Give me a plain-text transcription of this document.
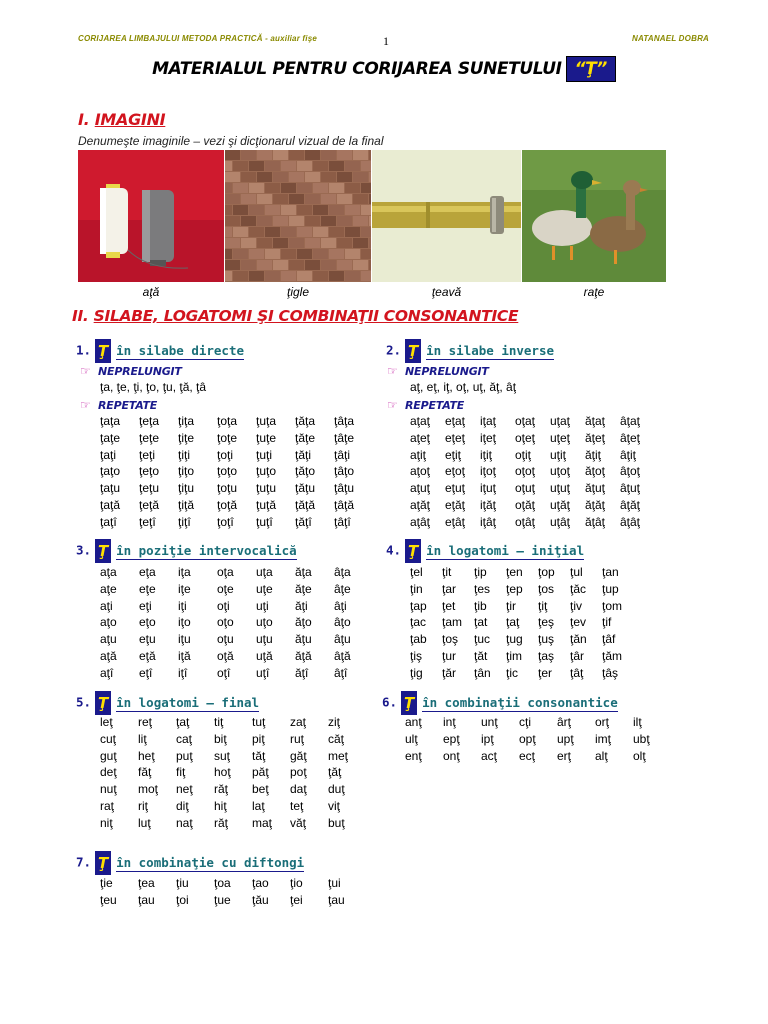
CORIJAREA LIMBAJULUI METODA PRACTICĂ - auxiliar fişe	1	NATANAEL DOBRA
MATERIALUL PENTRU CORIJAREA SUNETULUI “Ţ”
I. IMAGINI
Denumeşte imaginile – vezi şi dicţionarul vizual de la final
aţă	ţigle	ţeavă	raţe
II. SILABE, LOGATOMI ŞI COMBINAŢII CONSONANTICE
1. Ţ în silabe directe
☞ NEPRELUNGIT
ţa, ţe, ţi, ţo, ţu, ţă, ţâ
☞ REPETATE
ţaţa	ţeţa	ţiţa	ţoţa	ţuţa	ţăţa	ţâţa
ţaţe	ţeţe	ţiţe	ţoţe	ţuţe	ţăţe	ţâţe
ţaţi	ţeţi	ţiţi	ţoţi	ţuţi	ţăţi	ţâţi
ţaţo	ţeţo	ţiţo	ţoţo	ţuţo	ţăţo	ţâţo
ţaţu	ţeţu	ţiţu	ţoţu	ţuţu	ţăţu	ţâţu
ţaţă	ţeţă	ţiţă	ţoţă	ţuţă	ţăţă	ţâţă
ţaţî	ţeţî	ţiţî	ţoţî	ţuţî	ţăţî	ţâţî
2. Ţ în silabe inverse
☞ NEPRELUNGIT
aţ, eţ, iţ, oţ, uţ, ăţ, âţ
☞ REPETATE
aţaţ	eţaţ	iţaţ	oţaţ	uţaţ	ăţaţ	âţaţ
aţeţ	eţeţ	iţeţ	oţeţ	uţeţ	ăţeţ	âţeţ
aţiţ	eţiţ	iţiţ	oţiţ	uţiţ	ăţiţ	âţiţ
aţoţ	eţoţ	iţoţ	oţoţ	uţoţ	ăţoţ	âţoţ
aţuţ	eţuţ	iţuţ	oţuţ	uţuţ	ăţuţ	âţuţ
aţăţ	eţăţ	iţăţ	oţăţ	uţăţ	ăţăţ	âţăţ
aţâţ	eţâţ	iţâţ	oţâţ	uţâţ	ăţâţ	âţâţ
3. Ţ în poziţie intervocalică
aţa	eţa	iţa	oţa	uţa	ăţa	âţa
aţe	eţe	iţe	oţe	uţe	ăţe	âţe
aţi	eţi	iţi	oţi	uţi	ăţi	âţi
aţo	eţo	iţo	oţo	uţo	ăţo	âţo
aţu	eţu	iţu	oţu	uţu	ăţu	âţu
aţă	eţă	iţă	oţă	uţă	ăţă	âţă
aţî	eţî	iţî	oţî	uţî	ăţî	âţî
4. Ţ în logatomi – iniţial
ţel	ţit	ţip	ţen	ţop	ţul	ţan
ţin	ţar	ţes	ţep	ţos	ţăc	ţup
ţap	ţet	ţib	ţir	ţiţ	ţiv	ţom
ţac	ţam ţat	ţaţ	ţeş	ţev	ţif
ţab	ţoş	ţuc	ţug	ţuş	ţăn	ţâf
ţiş	ţur	ţăt	ţim	ţaş	ţâr	ţăm
ţig	ţăr	ţân	ţic	ţer	ţâţ	ţâş
5. Ţ în logatomi – final
leţ	reţ	ţaţ	tiţ	tuţ	zaţ	ziţ
cuţ	liţ	caţ	biţ	piţ	ruţ	căţ
guţ	heţ	puţ	suţ	tăţ	găţ	meţ
deţ	făţ	fiţ	hoţ	păţ	poţ	ţăţ
nuţ	moţ	neţ	răţ	beţ	daţ	duţ
raţ	riţ	diţ	hiţ	laţ	teţ	viţ
niţ	luţ	naţ	răţ	maţ	văţ	buţ
6. Ţ în combinaţii consonantice
anţ	inţ	unţ	cţi	ârţ	orţ	ilţ
ulţ	epţ	ipţ	opţ	upţ	imţ	ubţ
enţ	onţ	acţ	ecţ	erţ	alţ	olţ
7. Ţ în combinaţie cu diftongi
ţie	ţea	ţiu	ţoa	ţao	ţio	ţui
ţeu	ţau	ţoi	ţue	ţău	ţei	ţau
